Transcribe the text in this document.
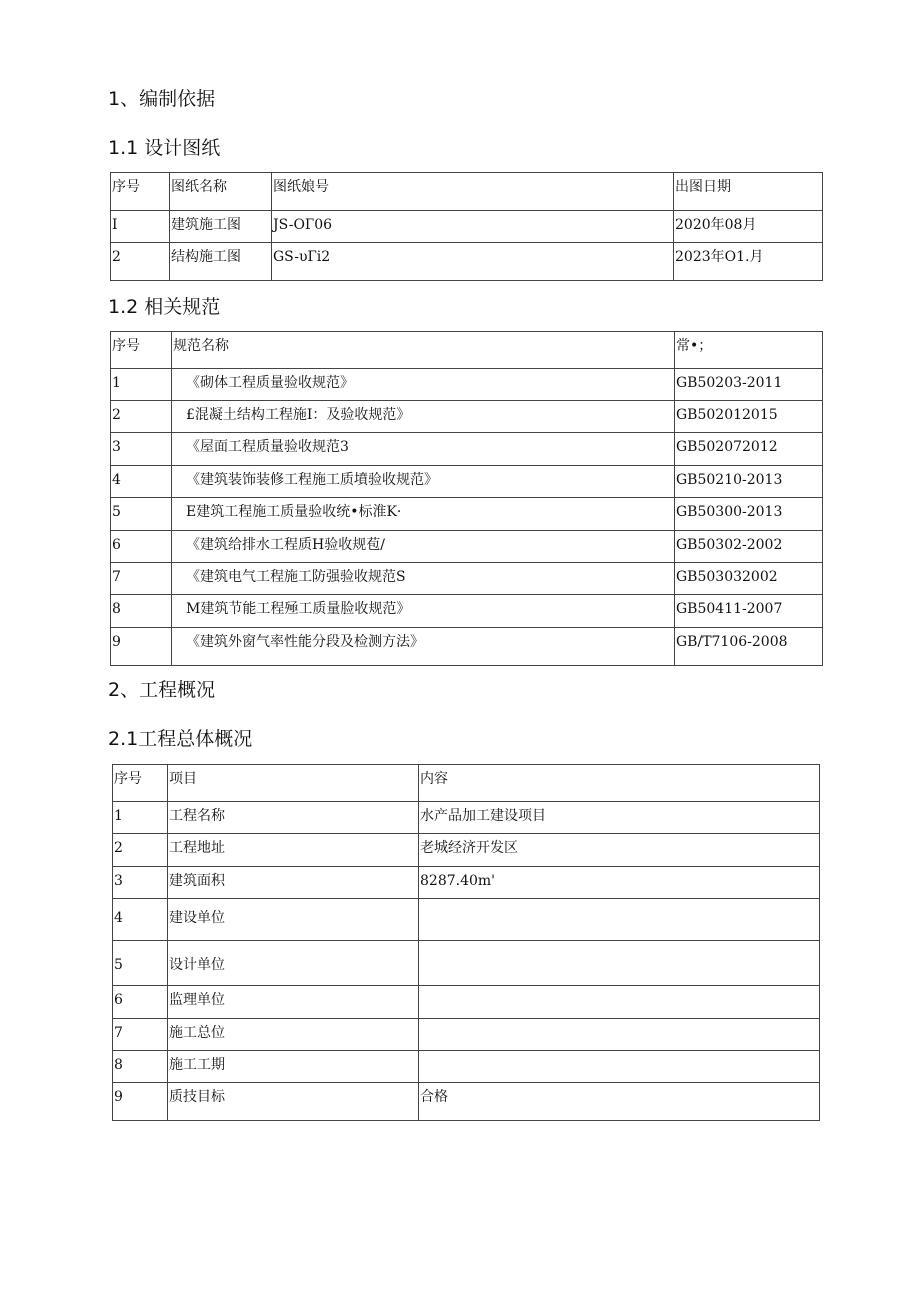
1、编制依据
1.1 设计图纸
序号	图纸名称	图纸娘号	出图日期
I	建筑施工图	JS-OГ06	2020年08月
2	结构施工图	GS-υГi2	2023年O1.月
1.2 相关规范
序号	规范名称	常•；
1	《砌体工程质量验收规范》	GB50203-2011
2	£混凝土结构工程施I：及验收规范》	GB502012015
3	《屋面工程质量验收规范3	GB502072012
4	《建筑装饰装修工程施工质墳验收规范》	GB50210-2013
5	E建筑工程施工质量验收统•标淮K·	GB50300-2013
6	《建筑给排水工程质H验收规苞/	GB50302-2002
7	《建筑电气工程施工防强验收规范S	GB503032002
8	M建筑节能工程殛工质量脸收规范》	GB50411-2007
9	《建筑外窗气率性能分段及检测方法》	GB/T7106-2008
2、工程概况
2.1工程总体概况
序号	项目	内容
1	工程名称	水产品加工建设项目
2	工程地址	老城经济开发区
3	建筑面积	8287.40m'
4	建设单位	
5	设计单位	
6	监理单位	
7	施工总位	
8	施工工期	
9	质技目标	合格
